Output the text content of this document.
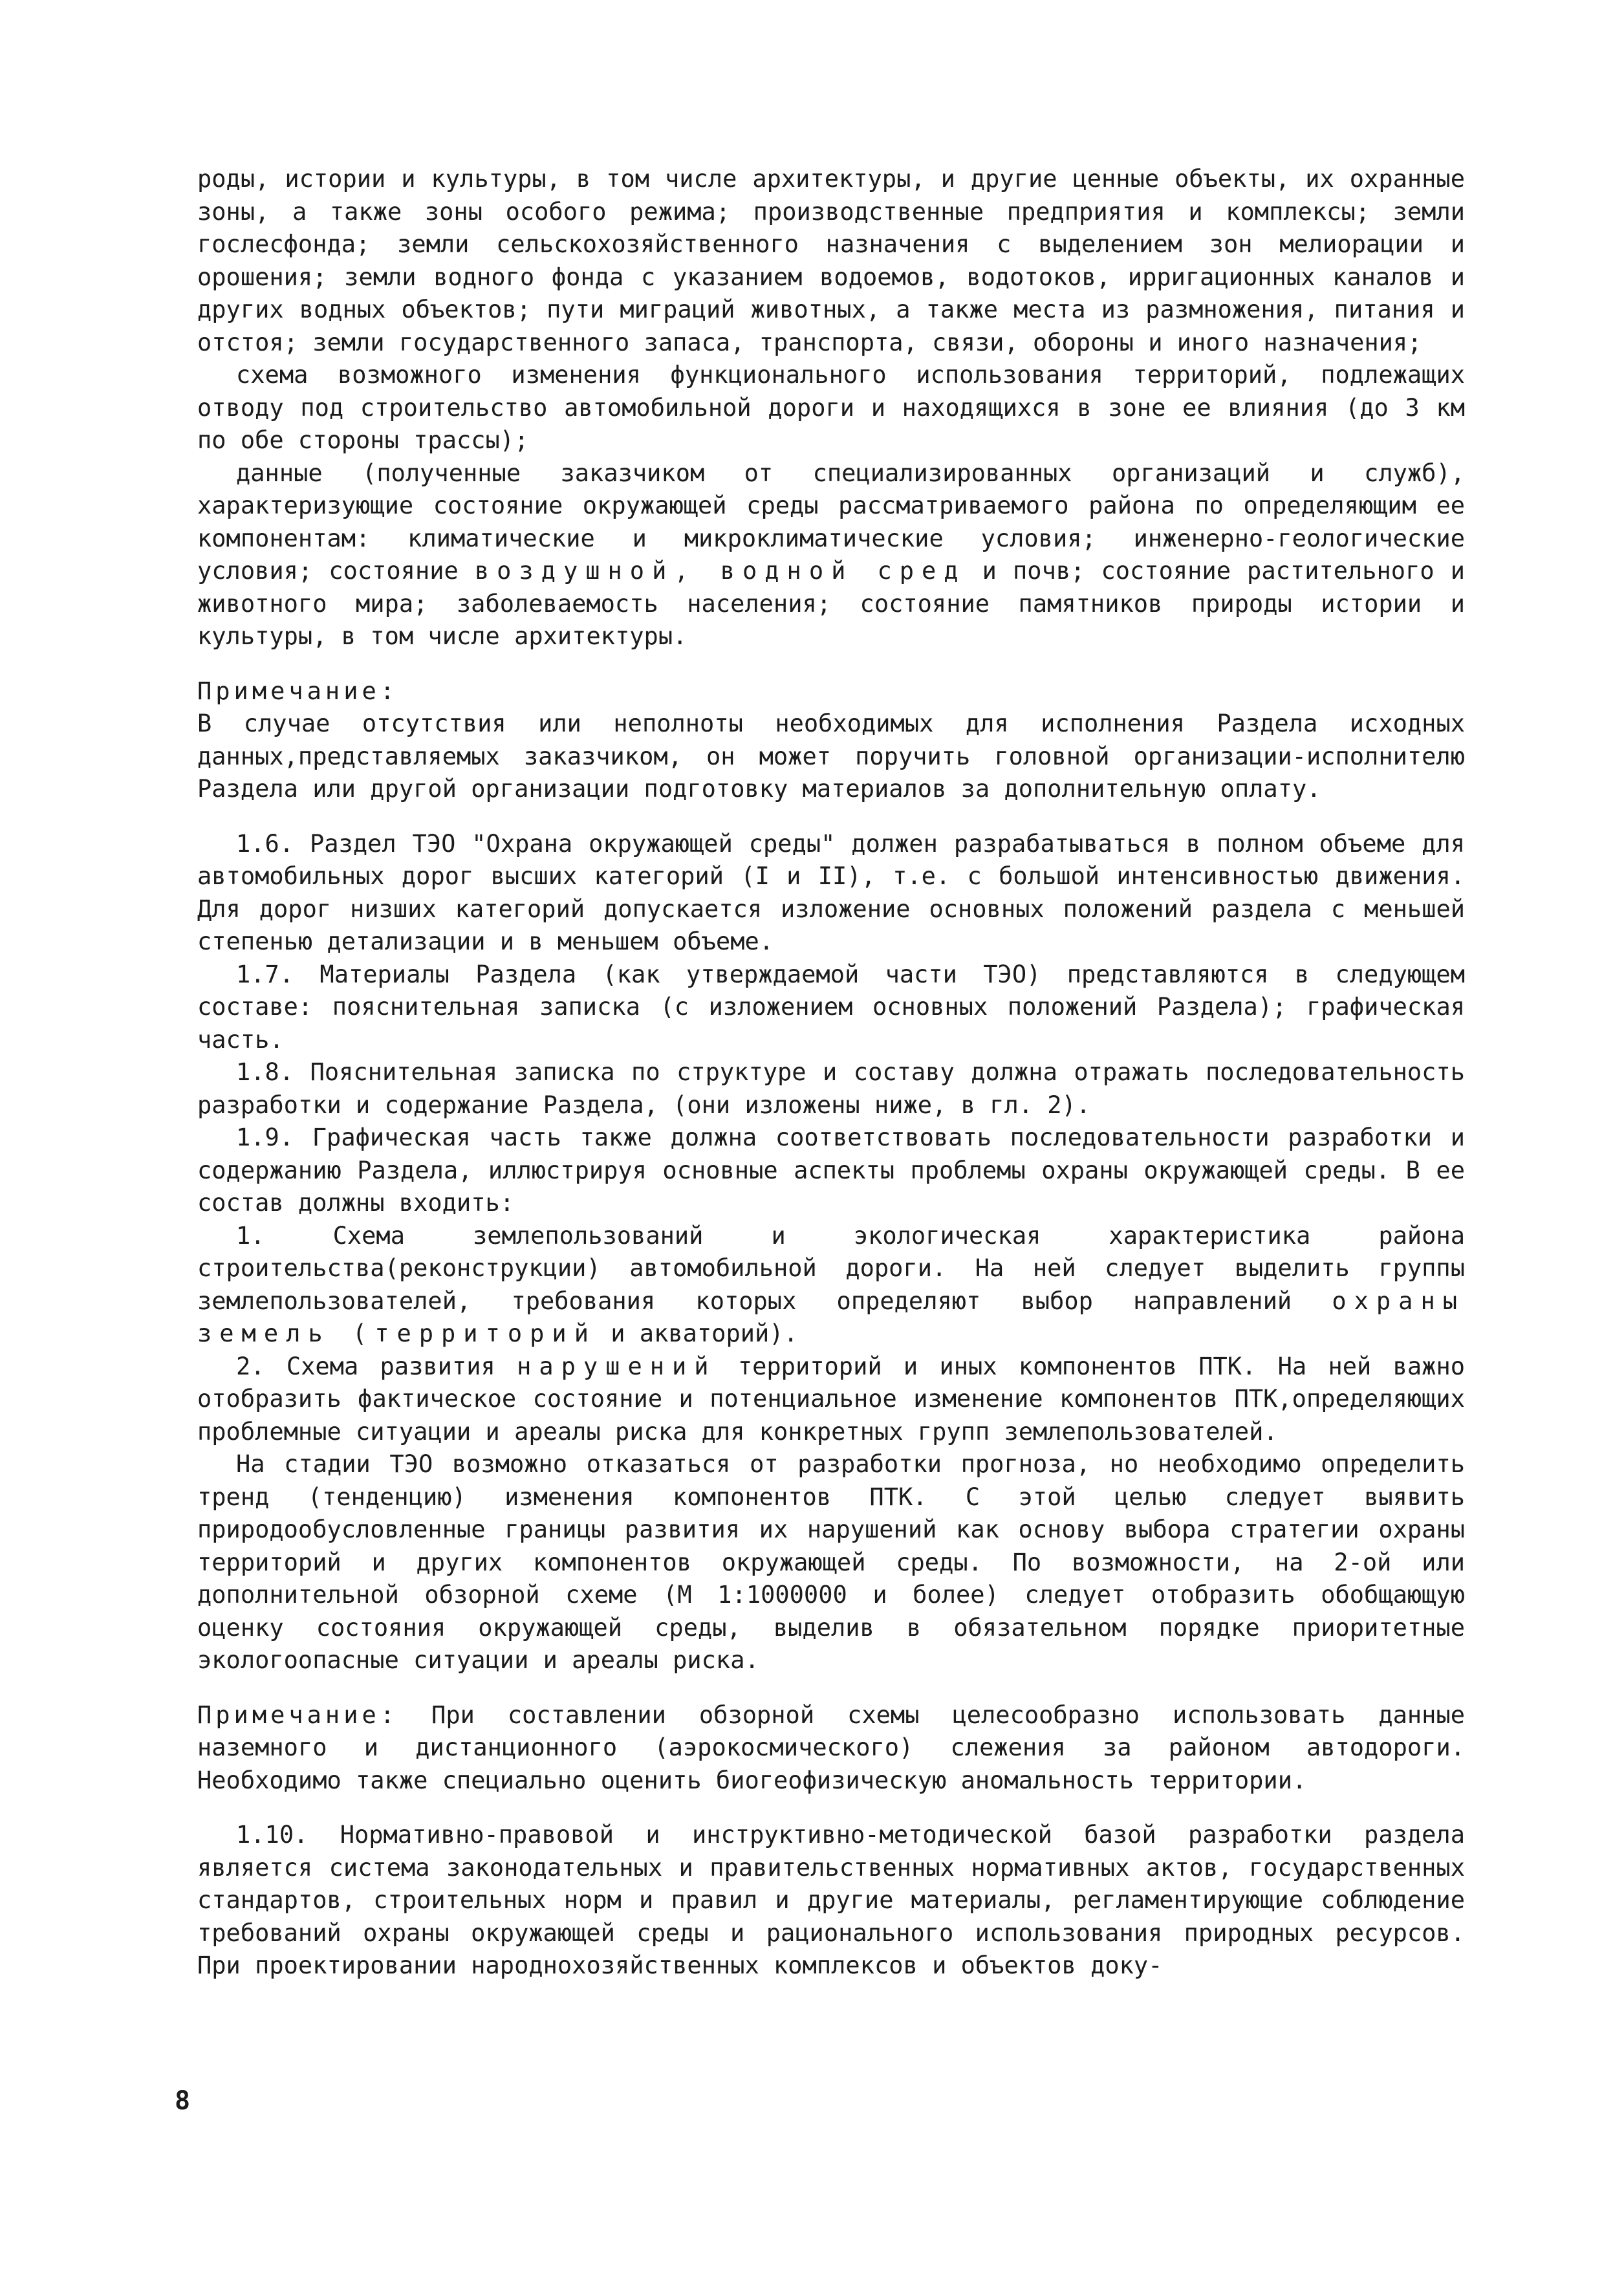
роды, истории и культуры, в том числе архитектуры, и другие ценные объекты, их охранные зоны, а также зоны особого режима; производственные предприятия и комплексы; земли гослесфонда; земли сельскохозяйственного назначения с выделением зон мелиорации и орошения; земли водного фонда с указанием водоемов, водотоков, ирригационных каналов и других водных объектов; пути миграций животных, а также места из размножения, питания и отстоя; земли государственного запаса, транспорта, связи, обороны и иного назначения;

схема возможного изменения функционального использования территорий, подлежащих отводу под строительство автомобильной дороги и находящихся в зоне ее влияния (до 3 км по обе стороны трассы);

данные (полученные заказчиком от специализированных организаций и служб), характеризующие состояние окружающей среды рассматриваемого района по определяющим ее компонентам: климатические и микроклиматические условия; инженерно-геологические условия; состояние воздушной, водной сред и почв; состояние растительного и животного мира; заболеваемость населения; состояние памятников природы истории и культуры, в том числе архитектуры.

Примечание:

В случае отсутствия или неполноты необходимых для исполнения Раздела исходных данных,представляемых заказчиком, он может поручить головной организации-исполнителю Раздела или другой организации подготовку материалов за дополнительную оплату.

1.6. Раздел ТЭО "Охрана окружающей среды" должен разрабатываться в полном объеме для автомобильных дорог высших категорий (I и II), т.е. с большой интенсивностью движения. Для дорог низших категорий допускается изложение основных положений раздела с меньшей степенью детализации и в меньшем объеме.

1.7. Материалы Раздела (как утверждаемой части ТЭО) представляются в следующем составе: пояснительная записка (с изложением основных положений Раздела); графическая часть.

1.8. Пояснительная записка по структуре и составу должна отражать последовательность разработки и содержание Раздела, (они изложены ниже, в гл. 2).

1.9. Графическая часть также должна соответствовать последовательности разработки и содержанию Раздела, иллюстрируя основные аспекты проблемы охраны окружающей среды. В ее состав должны входить:

1. Схема землепользований и экологическая характеристика района строительства(реконструкции) автомобильной дороги. На ней следует выделить группы землепользователей, требования которых определяют выбор направлений охраны земель (территорий и акваторий).

2. Схема развития нарушений территорий и иных компонентов ПТК. На ней важно отобразить фактическое состояние и потенциальное изменение компонентов ПТК,определяющих проблемные ситуации и ареалы риска для конкретных групп землепользователей.

На стадии ТЭО возможно отказаться от разработки прогноза, но необходимо определить тренд (тенденцию) изменения компонентов ПТК. С этой целью следует выявить природообусловленные границы развития их нарушений как основу выбора стратегии охраны территорий и других компонентов окружающей среды. По возможности, на 2-ой или дополнительной обзорной схеме (М 1:1000000 и более) следует отобразить обобщающую оценку состояния окружающей среды, выделив в обязательном порядке приоритетные экологоопасные ситуации и ареалы риска.

Примечание: При составлении обзорной схемы целесообразно использовать данные наземного и дистанционного (аэрокосмического) слежения за районом автодороги. Необходимо также специально оценить биогеофизическую аномальность территории.

1.10. Нормативно-правовой и инструктивно-методической базой разработки раздела является система законодательных и правительственных нормативных актов, государственных стандартов, строительных норм и правил и другие материалы, регламентирующие соблюдение требований охраны окружающей среды и рационального использования природных ресурсов. При проектировании народнохозяйственных комплексов и объектов доку-

8
